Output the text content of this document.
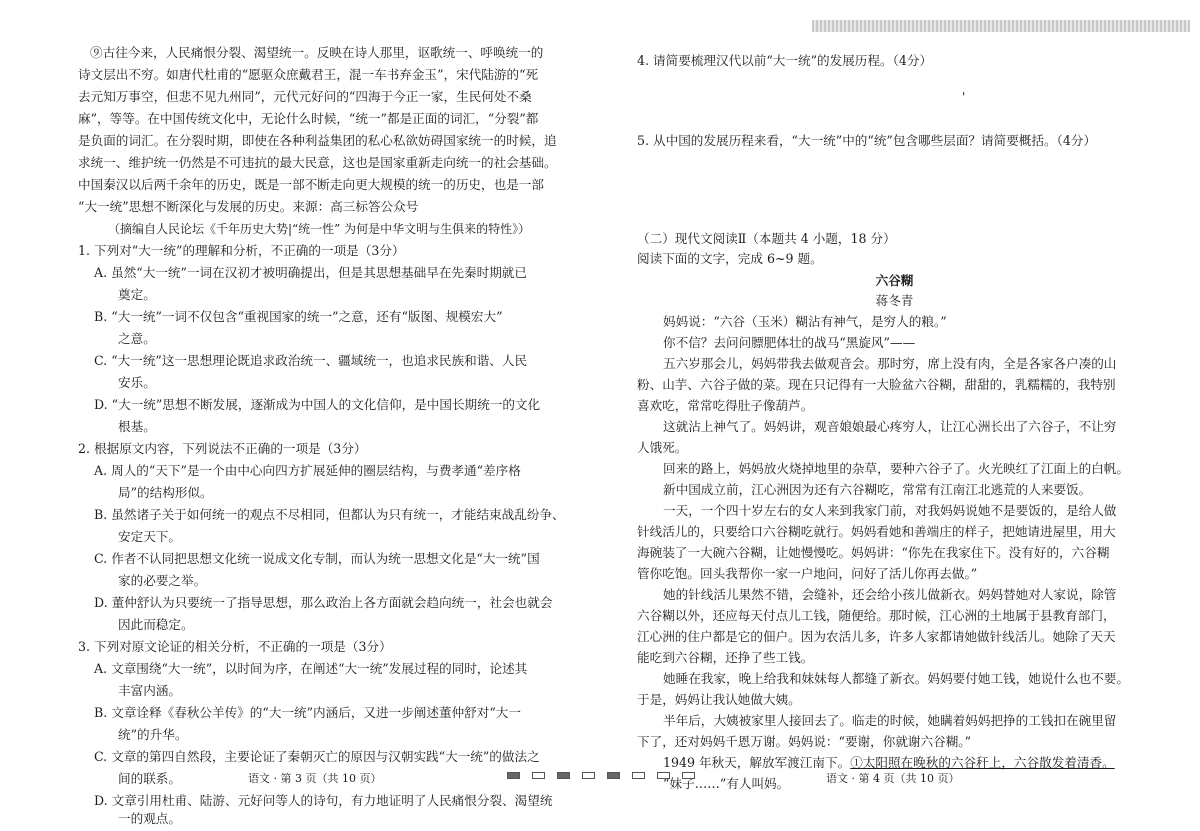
⑨古往今来，人民痛恨分裂、渴望统一。反映在诗人那里，讴歌统一、呼唤统一的
诗文层出不穷。如唐代杜甫的“愿驱众庶戴君王，混一车书弃金玉”，宋代陆游的“死
去元知万事空，但悲不见九州同”，元代元好问的“四海于今正一家，生民何处不桑
麻”，等等。在中国传统文化中，无论什么时候，“统一”都是正面的词汇，“分裂”都
是负面的词汇。在分裂时期，即使在各种利益集团的私心私欲妨碍国家统一的时候，追
求统一、维护统一仍然是不可违抗的最大民意，这也是国家重新走向统一的社会基础。
中国秦汉以后两千余年的历史，既是一部不断走向更大规模的统一的历史，也是一部
“大一统”思想不断深化与发展的历史。来源：高三标答公众号
（摘编自人民论坛《千年历史大势|“统一性” 为何是中华文明与生俱来的特性》）
1. 下列对“大一统”的理解和分析，不正确的一项是（3分）
A. 虽然“大一统”一词在汉初才被明确提出，但是其思想基础早在先秦时期就已
奠定。
B. “大一统”一词不仅包含“重视国家的统一”之意，还有“版图、规模宏大”
之意。
C. “大一统”这一思想理论既追求政治统一、疆域统一，也追求民族和谐、人民
安乐。
D. “大一统”思想不断发展，逐渐成为中国人的文化信仰，是中国长期统一的文化
根基。
2. 根据原文内容，下列说法不正确的一项是（3分）
A. 周人的“天下”是一个由中心向四方扩展延伸的圈层结构，与费孝通“差序格
局”的结构形似。
B. 虽然诸子关于如何统一的观点不尽相同，但都认为只有统一，才能结束战乱纷争、
安定天下。
C. 作者不认同把思想文化统一说成文化专制，而认为统一思想文化是“大一统”国
家的必要之举。
D. 董仲舒认为只要统一了指导思想，那么政治上各方面就会趋向统一，社会也就会
因此而稳定。
3. 下列对原文论证的相关分析，不正确的一项是（3分）
A. 文章围绕“大一统”，以时间为序，在阐述“大一统”发展过程的同时，论述其
丰富内涵。
B. 文章诠释《春秋公羊传》的“大一统”内涵后，又进一步阐述董仲舒对“大一
统”的升华。
C. 文章的第四自然段，主要论证了秦朝灭亡的原因与汉朝实践“大一统”的做法之
间的联系。
D. 文章引用杜甫、陆游、元好问等人的诗句，有力地证明了人民痛恨分裂、渴望统
一的观点。
4. 请简要梳理汉代以前“大一统”的发展历程。（4分）
5. 从中国的发展历程来看，“大一统”中的“统”包含哪些层面？请简要概括。（4分）
（二）现代文阅读Ⅱ（本题共 4 小题，18 分）
阅读下面的文字，完成 6~9 题。
六谷糊
蒋冬青
妈妈说：“六谷（玉米）糊沾有神气，是穷人的粮。”
你不信？去问问膘肥体壮的战马“黑旋风”——
五六岁那会儿，妈妈带我去做观音会。那时穷，席上没有肉，全是各家各户凑的山
粉、山芋、六谷子做的菜。现在只记得有一大脸盆六谷糊，甜甜的，乳糯糯的，我特别
喜欢吃，常常吃得肚子像葫芦。
这就沾上神气了。妈妈讲，观音娘娘最心疼穷人，让江心洲长出了六谷子，不让穷
人饿死。
回来的路上，妈妈放火烧掉地里的杂草，要种六谷子了。火光映红了江面上的白帆。
新中国成立前，江心洲因为还有六谷糊吃，常常有江南江北逃荒的人来要饭。
一天，一个四十岁左右的女人来到我家门前，对我妈妈说她不是要饭的，是给人做
针线活儿的，只要给口六谷糊吃就行。妈妈看她和善端庄的样子，把她请进屋里，用大
海碗装了一大碗六谷糊，让她慢慢吃。妈妈讲：“你先在我家住下。没有好的，六谷糊
管你吃饱。回头我帮你一家一户地问，问好了活儿你再去做。”
她的针线活儿果然不错，会缝补，还会给小孩儿做新衣。妈妈替她对人家说，除管
六谷糊以外，还应每天付点儿工钱，随便给。那时候，江心洲的土地属于县教育部门，
江心洲的住户都是它的佃户。因为农活儿多，许多人家都请她做针线活儿。她除了天天
能吃到六谷糊，还挣了些工钱。
她睡在我家，晚上给我和妹妹每人都缝了新衣。妈妈要付她工钱，她说什么也不要。
于是，妈妈让我认她做大姨。
半年后，大姨被家里人接回去了。临走的时候，她瞒着妈妈把挣的工钱扣在碗里留
下了，还对妈妈千恩万谢。妈妈说：“要谢，你就谢六谷糊。”
1949 年秋天，解放军渡江南下。①太阳照在晚秋的六谷秆上，六谷散发着清香。
“妹子……”有人叫妈。
'
语文 · 第 3 页（共 10 页）	语文 · 第 4 页（共 10 页）
